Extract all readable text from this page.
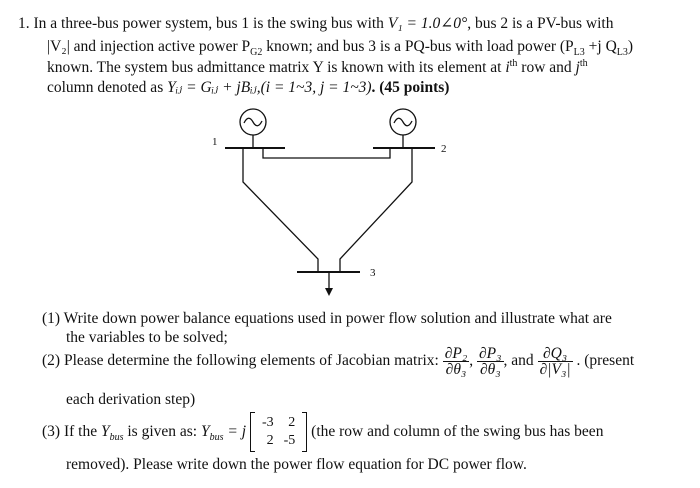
1. In a three-bus power system, bus 1 is the swing bus with V₁ = 1.0∠0°, bus 2 is a PV-bus with
|V₂| and injection active power $P_{G2}$ known; and bus 3 is a PQ-bus with load power ($P_{L3} +j$ $Q_{L3}$)
known. The system bus admittance matrix Y is known with its element at $i^{th}$ row and $j^{th}$
column denoted as Yᵢⱼ = Gᵢⱼ + jBᵢⱼ,(i = 1~3, j = 1~3). (45 points)
1
2
3
(1) Write down power balance equations used in power flow solution and illustrate what are
the variables to be solved;
(2) Please determine the following elements of Jacobian matrix: $\frac{\text{∂P₂}}{\text{∂θ₃}}$ , $\frac{\text{∂P₃}}{\text{∂θ₃}}$ , and $\frac{\text{∂Q₃}}{\text{∂|V₃|}}$ . (present
each derivation step)
(3) If the $Y_{bus}$ is given as: $Y_{bus} = j$
-3	2
2	-5
(the row and column of the swing bus has been
removed). Please write down the power flow equation for DC power flow.
